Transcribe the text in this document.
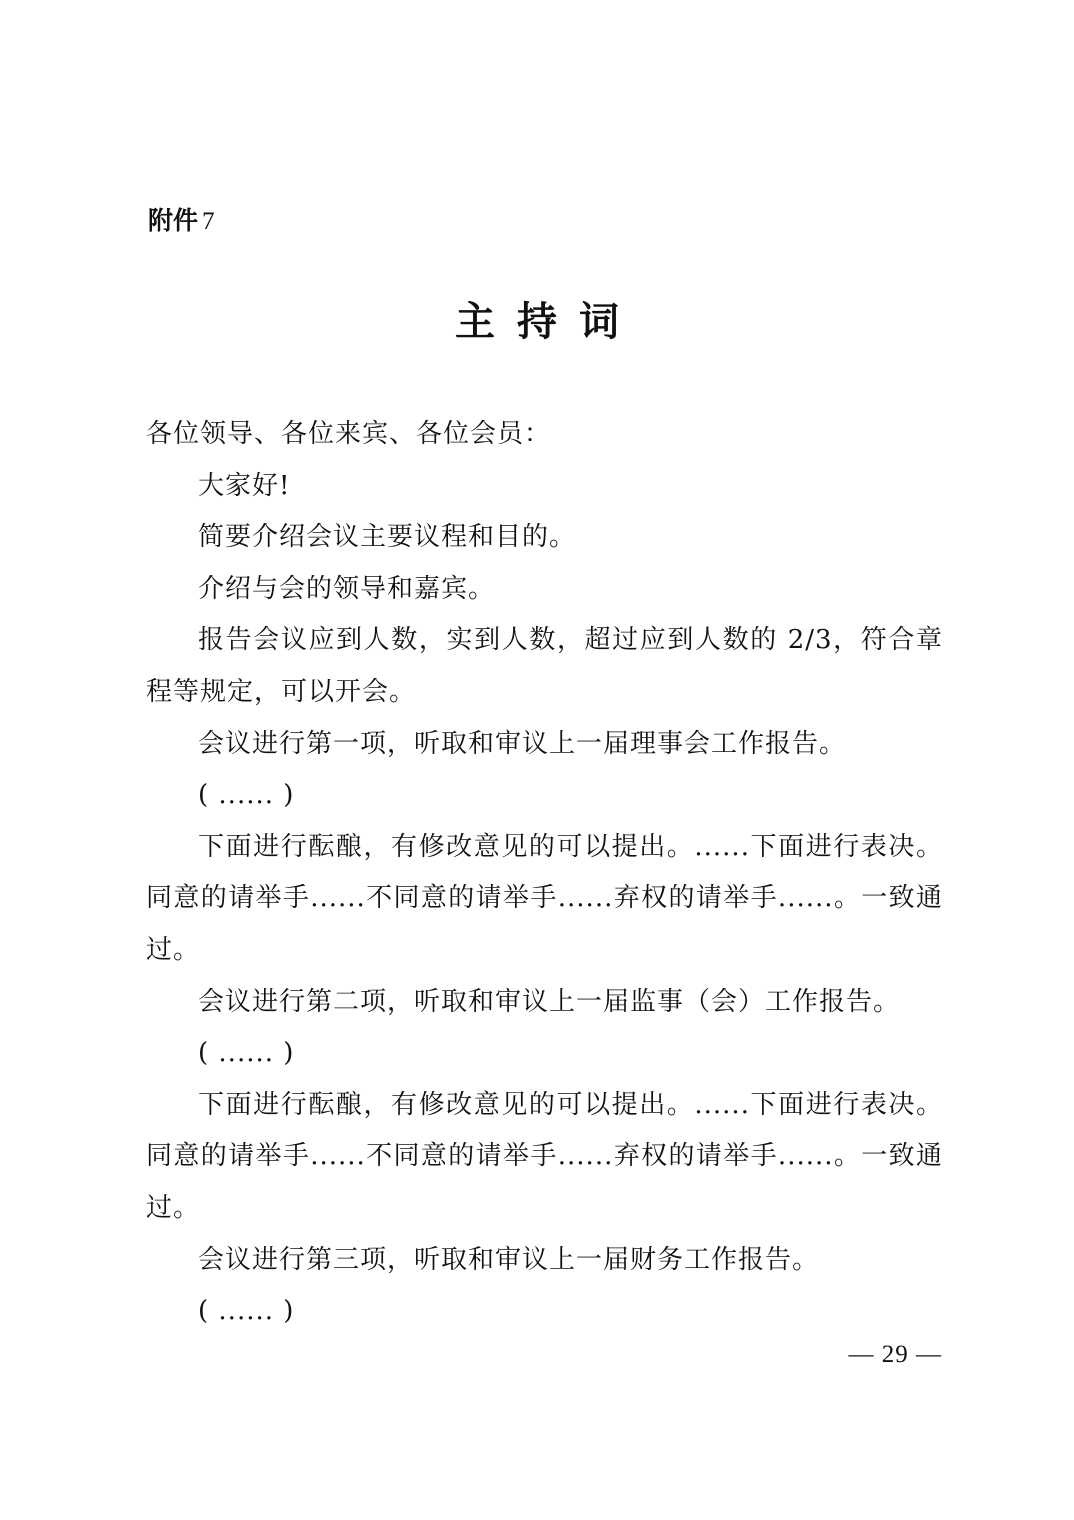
附件 7
主持词

各位领导、各位来宾、各位会员：

大家好!

简要介绍会议主要议程和目的。

介绍与会的领导和嘉宾。

报告会议应到人数，实到人数，超过应到人数的 2/3，符合章程等规定，可以开会。

会议进行第一项，听取和审议上一届理事会工作报告。

( ...... )

下面进行酝酿，有修改意见的可以提出。......下面进行表决。同意的请举手......不同意的请举手......弃权的请举手......。一致通过。

会议进行第二项，听取和审议上一届监事（会）工作报告。

( ...... )

下面进行酝酿，有修改意见的可以提出。......下面进行表决。同意的请举手......不同意的请举手......弃权的请举手......。一致通过。

会议进行第三项，听取和审议上一届财务工作报告。

( ...... )

— 29 —
